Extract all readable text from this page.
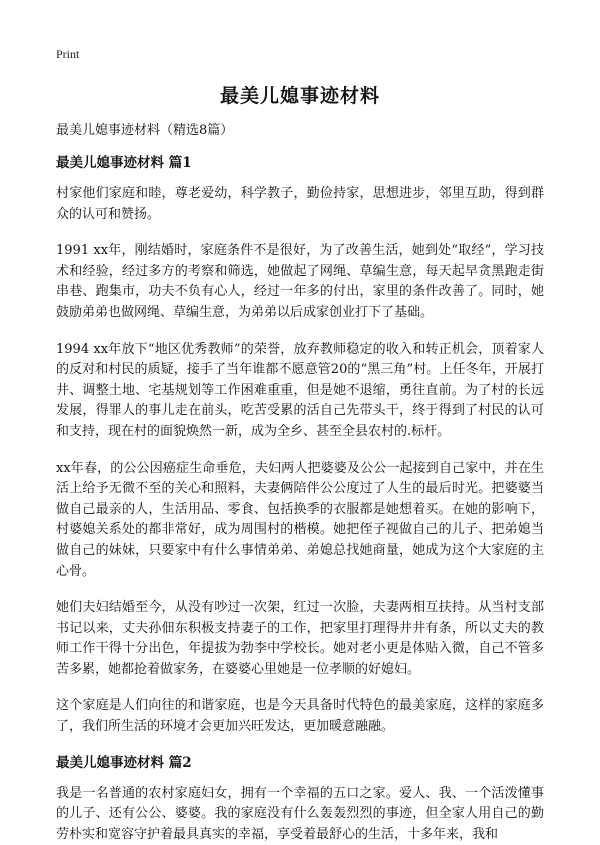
Print
最美儿媳事迹材料
最美儿媳事迹材料（精选8篇）
最美儿媳事迹材料 篇1

村家他们家庭和睦，尊老爱幼，科学教子，勤俭持家，思想进步，邻里互助，得到群众的认可和赞扬。

1991 xx年，刚结婚时，家庭条件不是很好，为了改善生活，她到处“取经”，学习技术和经验，经过多方的考察和筛选，她做起了网绳、草编生意，每天起早贪黑跑走街串巷、跑集市，功夫不负有心人，经过一年多的付出，家里的条件改善了。同时，她鼓励弟弟也做网绳、草编生意，为弟弟以后成家创业打下了基础。

1994 xx年放下“地区优秀教师”的荣誉，放弃教师稳定的收入和转正机会，顶着家人的反对和村民的质疑，接手了当年谁都不愿意管20的“黑三角”村。上任冬年，开展打井、调整土地、宅基规划等工作困难重重，但是她不退缩，勇往直前。为了村的长远发展，得罪人的事儿走在前头，吃苦受累的活自己先带头干，终于得到了村民的认可和支持，现在村的面貌焕然一新，成为全乡、甚至全县农村的.标杆。

xx年春，的公公因癌症生命垂危，夫妇两人把婆婆及公公一起接到自己家中，并在生活上给予无微不至的关心和照料，夫妻俩陪伴公公度过了人生的最后时光。把婆婆当做自己最亲的人，生活用品、零食、包括换季的衣服都是她想着买。在她的影响下，村婆媳关系处的都非常好，成为周围村的楷模。她把侄子视做自己的儿子、把弟媳当做自己的妹妹，只要家中有什么事情弟弟、弟媳总找她商量，她成为这个大家庭的主心骨。

她们夫妇结婚至今，从没有吵过一次架，红过一次脸，夫妻两相互扶持。从当村支部书记以来，丈夫孙佃东积极支持妻子的工作，把家里打理得井井有条，所以丈夫的教师工作干得十分出色，年提拔为勃李中学校长。她对老小更是体贴入微，自己不管多苦多累，她都抢着做家务，在婆婆心里她是一位孝顺的好媳妇。

这个家庭是人们向往的和谐家庭，也是今天具备时代特色的最美家庭，这样的家庭多了，我们所生活的环境才会更加兴旺发达，更加暖意融融。

最美儿媳事迹材料 篇2

我是一名普通的农村家庭妇女，拥有一个幸福的五口之家。爱人、我、一个活泼懂事的儿子、还有公公、婆婆。我的家庭没有什么轰轰烈烈的事迹，但全家人用自己的勤劳朴实和宽容守护着最具真实的幸福，享受着最舒心的生活，十多年来，我和
